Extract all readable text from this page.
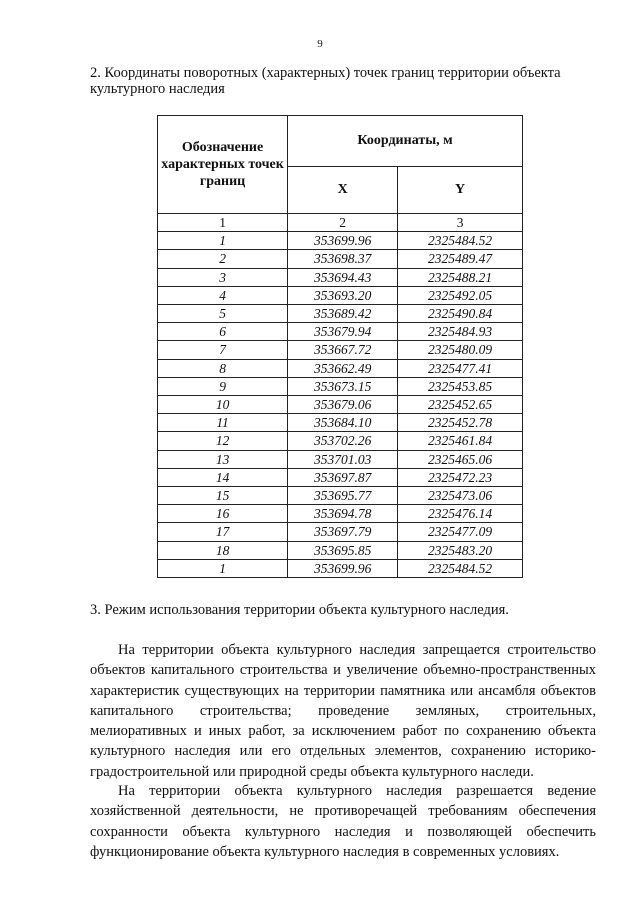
9
2. Координаты поворотных (характерных) точек границ территории объекта культурного наследия
Обозначение характерных точек границ	Координаты, м	
	X	Y
1	2	3
1	353699.96	2325484.52
2	353698.37	2325489.47
3	353694.43	2325488.21
4	353693.20	2325492.05
5	353689.42	2325490.84
6	353679.94	2325484.93
7	353667.72	2325480.09
8	353662.49	2325477.41
9	353673.15	2325453.85
10	353679.06	2325452.65
11	353684.10	2325452.78
12	353702.26	2325461.84
13	353701.03	2325465.06
14	353697.87	2325472.23
15	353695.77	2325473.06
16	353694.78	2325476.14
17	353697.79	2325477.09
18	353695.85	2325483.20
1	353699.96	2325484.52
3. Режим использования территории объекта культурного наследия.
На территории объекта культурного наследия запрещается строительство объектов капитального строительства и увеличение объемно-пространственных характеристик существующих на территории памятника или ансамбля объектов капитального строительства; проведение земляных, строительных, мелиоративных и иных работ, за исключением работ по сохранению объекта культурного наследия или его отдельных элементов, сохранению историко-градостроительной или природной среды объекта культурного наследи.
На территории объекта культурного наследия разрешается ведение хозяйственной деятельности, не противоречащей требованиям обеспечения сохранности объекта культурного наследия и позволяющей обеспечить функционирование объекта культурного наследия в современных условиях.
